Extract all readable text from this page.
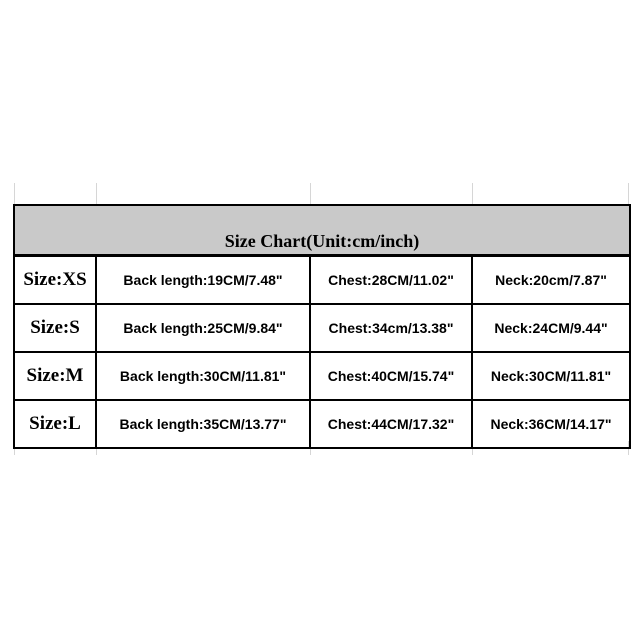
Size Chart(Unit:cm/inch)			
Size:XS	Back length:19CM/7.48"	Chest:28CM/11.02"	Neck:20cm/7.87"
Size:S	Back length:25CM/9.84"	Chest:34cm/13.38"	Neck:24CM/9.44"
Size:M	Back length:30CM/11.81"	Chest:40CM/15.74"	Neck:30CM/11.81"
Size:L	Back length:35CM/13.77"	Chest:44CM/17.32"	Neck:36CM/14.17"
